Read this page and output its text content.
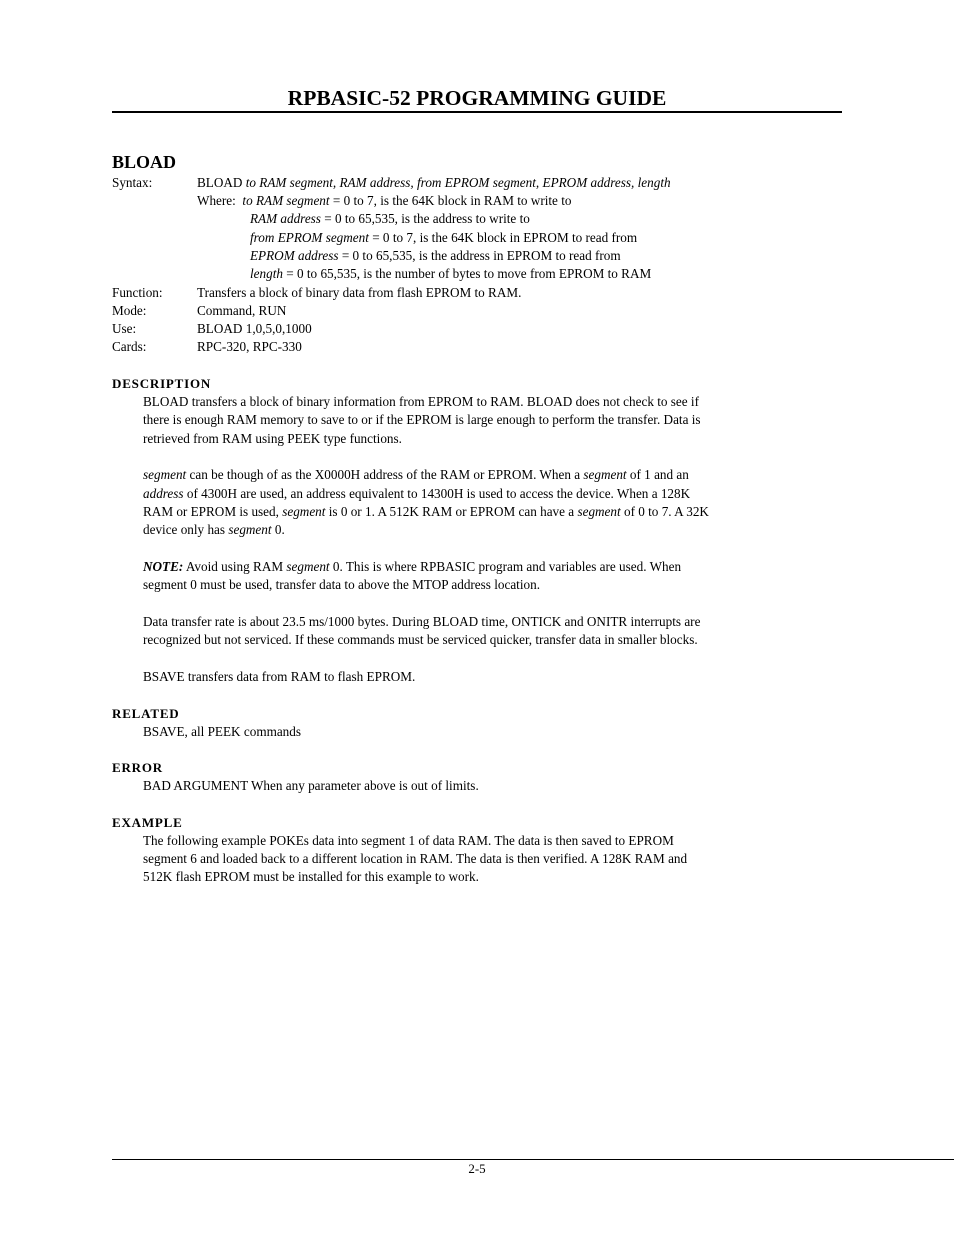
RPBASIC-52 PROGRAMMING GUIDE
BLOAD
Syntax:	BLOAD to RAM segment, RAM address, from EPROM segment, EPROM address, length
Where: to RAM segment = 0 to 7, is the 64K block in RAM to write to
RAM address = 0 to 65,535, is the address to write to
from EPROM segment = 0 to 7, is the 64K block in EPROM to read from
EPROM address = 0 to 65,535, is the address in EPROM to read from
length = 0 to 65,535, is the number of bytes to move from EPROM to RAM
Function:	Transfers a block of binary data from flash EPROM to RAM.
Mode:	Command, RUN
Use:	BLOAD 1,0,5,0,1000
Cards:	RPC-320, RPC-330
DESCRIPTION
BLOAD transfers a block of binary information from EPROM to RAM. BLOAD does not check to see if
there is enough RAM memory to save to or if the EPROM is large enough to perform the transfer. Data is
retrieved from RAM using PEEK type functions.
segment can be though of as the X0000H address of the RAM or EPROM. When a segment of 1 and an
address of 4300H are used, an address equivalent to 14300H is used to access the device. When a 128K
RAM or EPROM is used, segment is 0 or 1. A 512K RAM or EPROM can have a segment of 0 to 7. A 32K
device only has segment 0.
NOTE: Avoid using RAM segment 0. This is where RPBASIC program and variables are used. When
segment 0 must be used, transfer data to above the MTOP address location.
Data transfer rate is about 23.5 ms/1000 bytes. During BLOAD time, ONTICK and ONITR interrupts are
recognized but not serviced. If these commands must be serviced quicker, transfer data in smaller blocks.
BSAVE transfers data from RAM to flash EPROM.
RELATED
BSAVE, all PEEK commands
ERROR
BAD ARGUMENT When any parameter above is out of limits.
EXAMPLE
The following example POKEs data into segment 1 of data RAM. The data is then saved to EPROM
segment 6 and loaded back to a different location in RAM. The data is then verified. A 128K RAM and
512K flash EPROM must be installed for this example to work.
2-5
